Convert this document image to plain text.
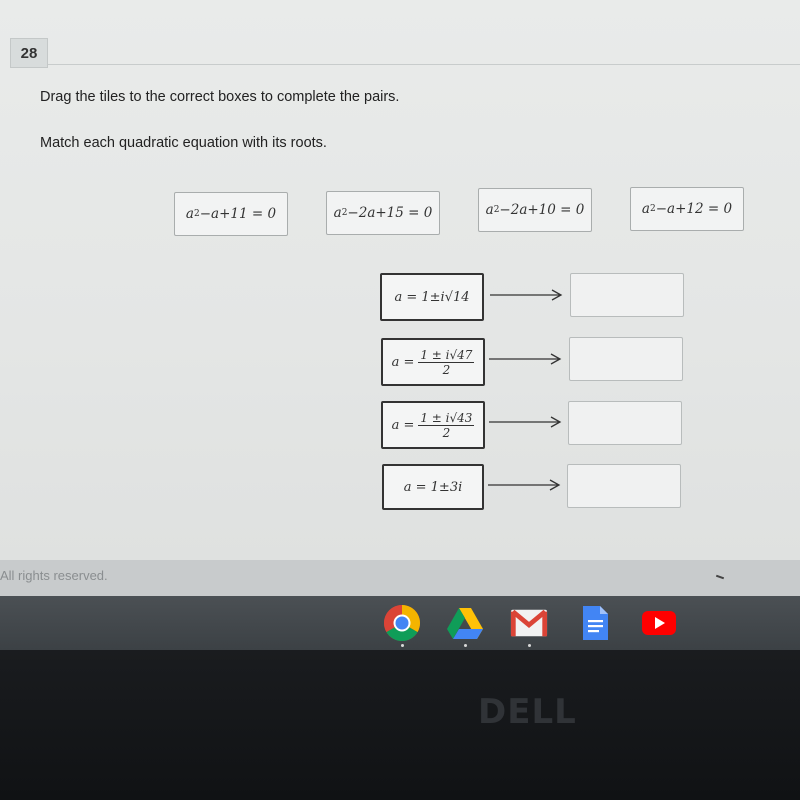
28
Drag the tiles to the correct boxes to complete the pairs.
Match each quadratic equation with its roots.
a 2 −a+11 = 0	a 2 −2a+15 = 0	a 2 −2a+10 = 0	a 2 −a+12 = 0
a = 1±i√14
$a = \frac{1 \pm i√47}{2}$
$a = \frac{1 \pm i√43}{2}$
a = 1±3i
All rights reserved.
DELL
